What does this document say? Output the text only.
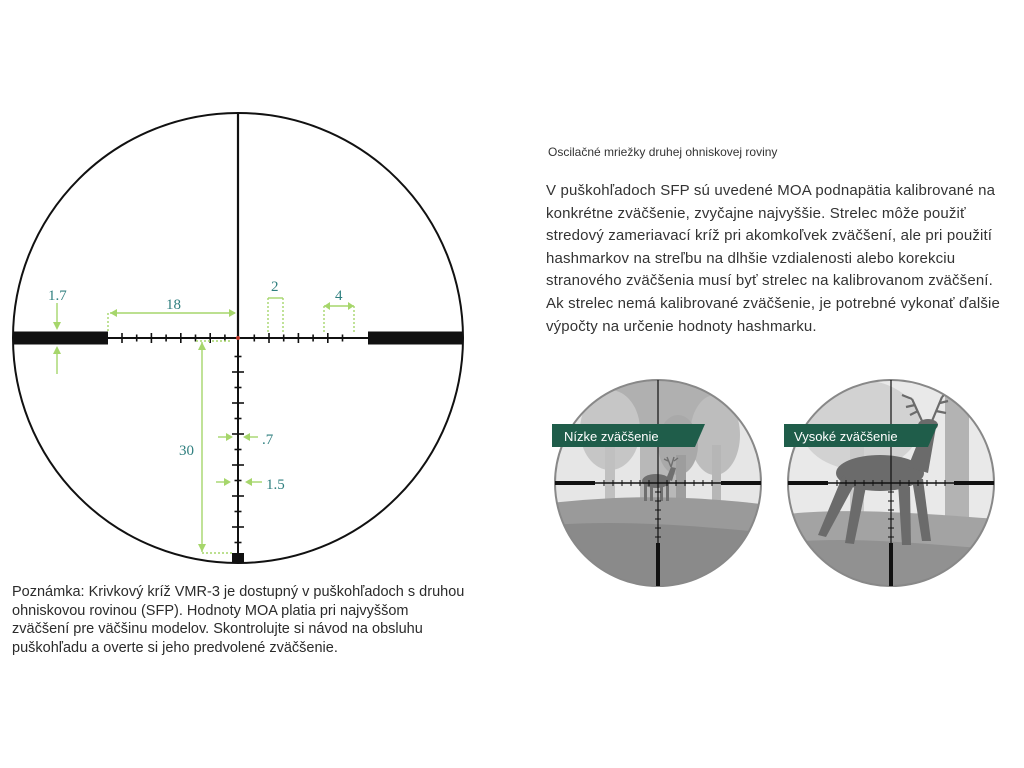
1.7
18
2
4
30
.7
1.5
Poznámka: Krivkový kríž VMR-3 je dostupný v puškohľadoch s druhou ohniskovou rovinou (SFP). Hodnoty MOA platia pri najvyššom zväčšení pre väčšinu modelov. Skontrolujte si návod na obsluhu puškohľadu a overte si jeho predvolené zväčšenie.
Oscilačné mriežky druhej ohniskovej roviny
V puškohľadoch SFP sú uvedené MOA podnapätia kalibrované na konkrétne zväčšenie, zvyčajne najvyššie. Strelec môže použiť stredový zameriavací kríž pri akomkoľvek zväčšení, ale pri použití hashmarkov na streľbu na dlhšie vzdialenosti alebo korekciu stranového zväčšenia musí byť strelec na kalibrovanom zväčšení. Ak strelec nemá kalibrované zväčšenie, je potrebné vykonať ďalšie výpočty na určenie hodnoty hashmarku.
Nízke zväčšenie	Vysoké zväčšenie
